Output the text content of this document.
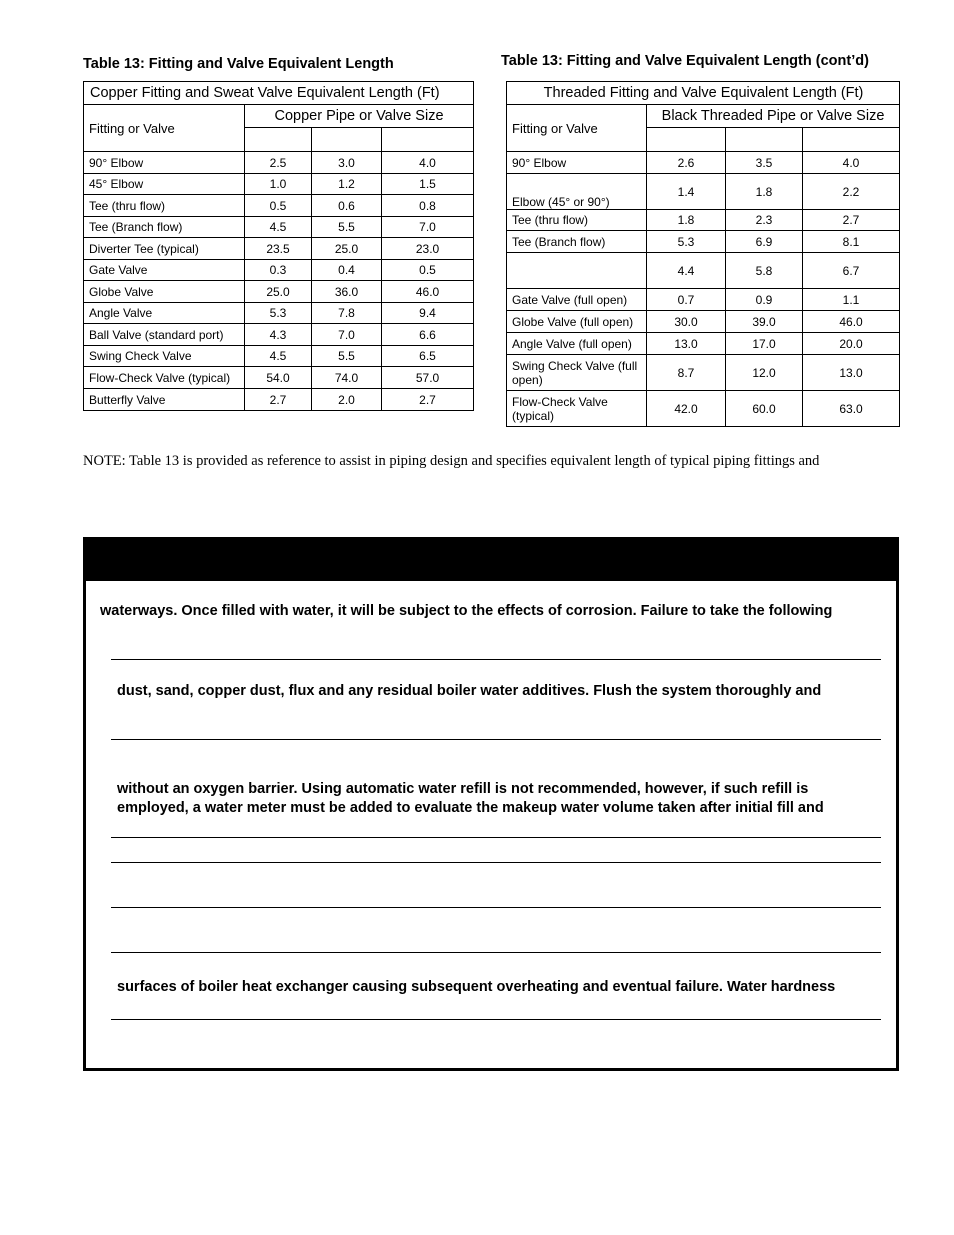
Table 13: Fitting and Valve Equivalent Length	Table 13: Fitting and Valve Equivalent Length (cont’d)
Copper Fitting and Sweat Valve Equivalent Length (Ft)			
Fitting or Valve	Copper Pipe or Valve Size		

90° Elbow	2.5	3.0	4.0
45° Elbow	1.0	1.2	1.5
Tee (thru flow)	0.5	0.6	0.8
Tee (Branch flow)	4.5	5.5	7.0
Diverter Tee (typical)	23.5	25.0	23.0
Gate Valve	0.3	0.4	0.5
Globe Valve	25.0	36.0	46.0
Angle Valve	5.3	7.8	9.4
Ball Valve (standard port)	4.3	7.0	6.6
Swing Check Valve	4.5	5.5	6.5
Flow-Check Valve (typical)	54.0	74.0	57.0
Butterfly Valve	2.7	2.0	2.7
Threaded Fitting and Valve Equivalent Length (Ft)			
Fitting or Valve	Black Threaded Pipe or Valve Size		

90° Elbow	2.6	3.5	4.0
Elbow (45° or 90°)	1.4	1.8	2.2
Tee (thru flow)	1.8	2.3	2.7
Tee (Branch flow)	5.3	6.9	8.1
	4.4	5.8	6.7
Gate Valve (full open)	0.7	0.9	1.1
Globe Valve (full open)	30.0	39.0	46.0
Angle Valve (full open)	13.0	17.0	20.0
Swing Check Valve (full open)	8.7	12.0	13.0
Flow-Check Valve (typical)	42.0	60.0	63.0
NOTE: Table 13 is provided as reference to assist in piping design and specifies equivalent length of typical piping fittings and
waterways. Once filled with water, it will be subject to the effects of corrosion. Failure to take the following
dust, sand, copper dust, flux and any residual boiler water additives. Flush the system thoroughly and
without an oxygen barrier. Using automatic water refill is not recommended, however, if such refill is
employed, a water meter must be added to evaluate the makeup water volume taken after initial fill and
surfaces of boiler heat exchanger causing subsequent overheating and eventual failure. Water hardness
